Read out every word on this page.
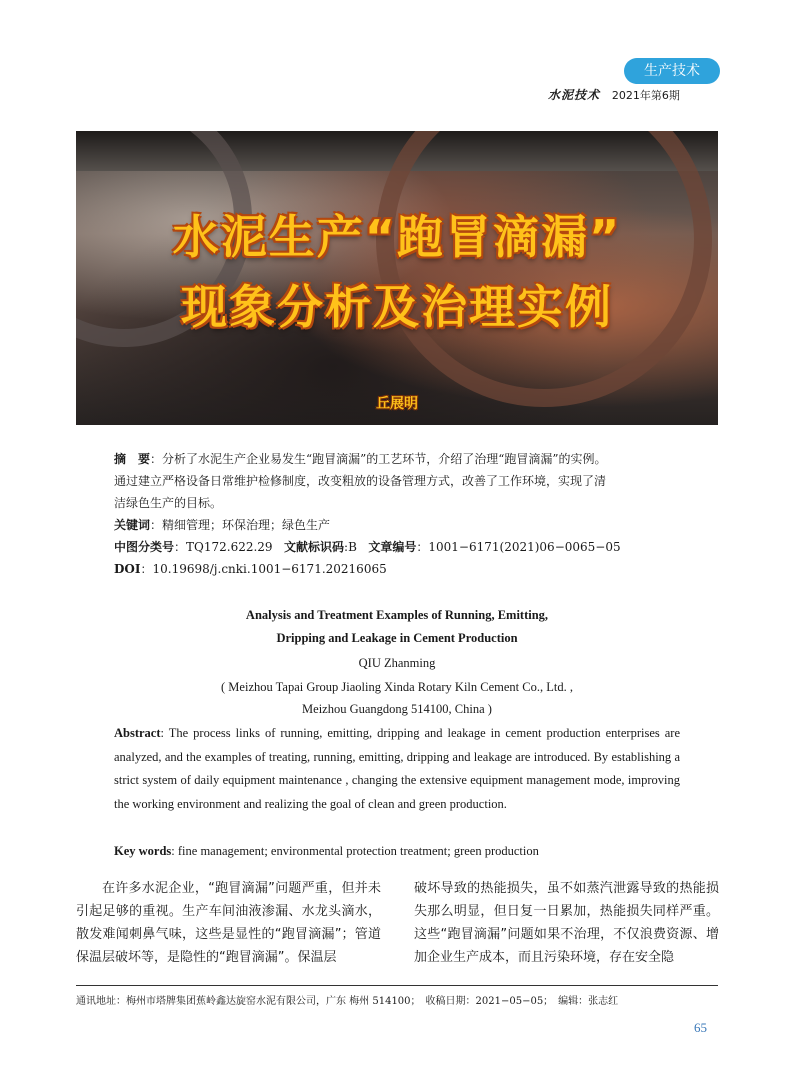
生产技术
水泥技术 2021年第6期
水泥生产“跑冒滴漏”
现象分析及治理实例
丘展明
摘　要：分析了水泥生产企业易发生“跑冒滴漏”的工艺环节，介绍了治理“跑冒滴漏”的实例。
通过建立严格设备日常维护检修制度，改变粗放的设备管理方式，改善了工作环境，实现了清
洁绿色生产的目标。
关键词：精细管理；环保治理；绿色生产
中图分类号：TQ172.622.29 文献标识码:B 文章编号：1001−6171(2021)06−0065−05
DOI：10.19698/j.cnki.1001−6171.20216065
Analysis and Treatment Examples of Running, Emitting,
Dripping and Leakage in Cement Production
QIU Zhanming
( Meizhou Tapai Group Jiaoling Xinda Rotary Kiln Cement Co., Ltd. ,
Meizhou Guangdong 514100, China )
Abstract: The process links of running, emitting, dripping and leakage in cement production enterprises are analyzed, and the examples of treating, running, emitting, dripping and leakage are introduced. By establishing a strict system of daily equipment maintenance , changing the extensive equipment management mode, improving the working environment and realizing the goal of clean and green production.
Key words: fine management; environmental protection treatment; green production
在许多水泥企业，“跑冒滴漏”问题严重，但并未引起足够的重视。生产车间油液渗漏、水龙头滴水，散发难闻刺鼻气味，这些是显性的“跑冒滴漏”；管道保温层破坏等，是隐性的“跑冒滴漏”。保温层
破坏导致的热能损失，虽不如蒸汽泄露导致的热能损失那么明显，但日复一日累加，热能损失同样严重。这些“跑冒滴漏”问题如果不治理，不仅浪费资源、增加企业生产成本，而且污染环境，存在安全隐
通讯地址：梅州市塔牌集团蕉岭鑫达旋窑水泥有限公司，广东 梅州 514100；　收稿日期：2021−05−05；　编辑：张志红
65
